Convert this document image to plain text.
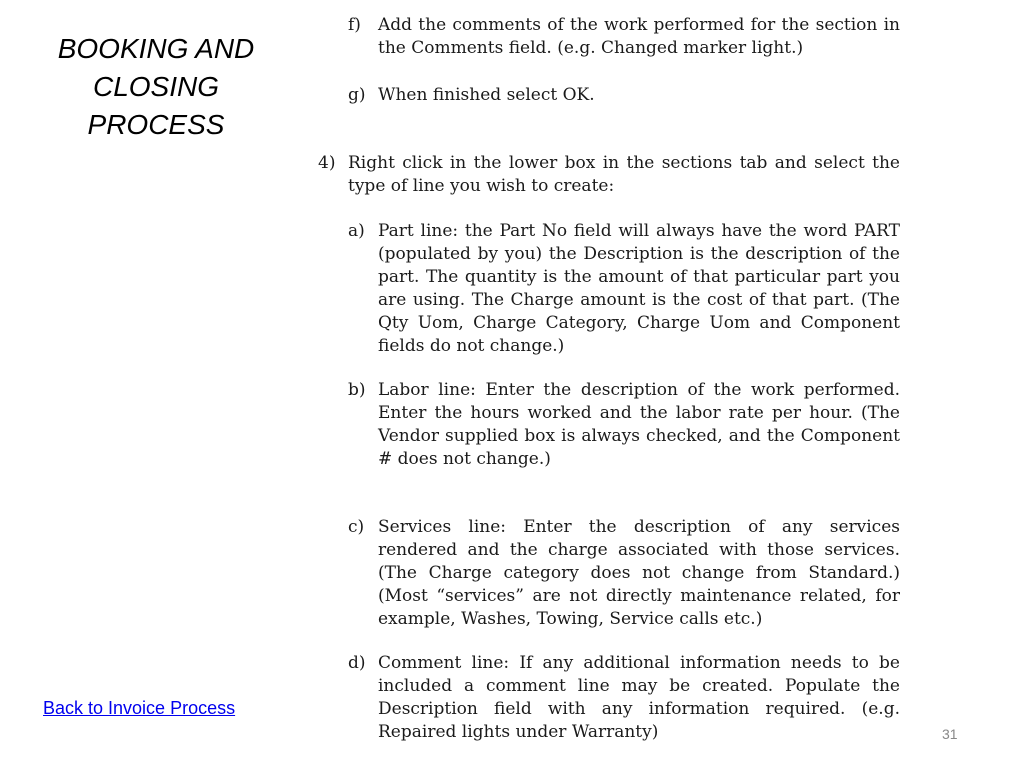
BOOKING AND
CLOSING
PROCESS
f) Add the comments of the work performed for the section in the Comments field. (e.g. Changed marker light.)
g) When finished select OK.
4) Right click in the lower box in the sections tab and select the type of line you wish to create:
a) Part line: the Part No field will always have the word PART (populated by you) the Description is the description of the part. The quantity is the amount of that particular part you are using. The Charge amount is the cost of that part. (The Qty Uom, Charge Category, Charge Uom and Component fields do not change.)
b) Labor line: Enter the description of the work performed. Enter the hours worked and the labor rate per hour. (The Vendor supplied box is always checked, and the Component # does not change.)
c) Services line: Enter the description of any services rendered and the charge associated with those services. (The Charge category does not change from Standard.) (Most “services” are not directly maintenance related, for example, Washes, Towing, Service calls etc.)
d) Comment line: If any additional information needs to be included a comment line may be created. Populate the Description field with any information required. (e.g. Repaired lights under Warranty)
Back to Invoice Process
31
